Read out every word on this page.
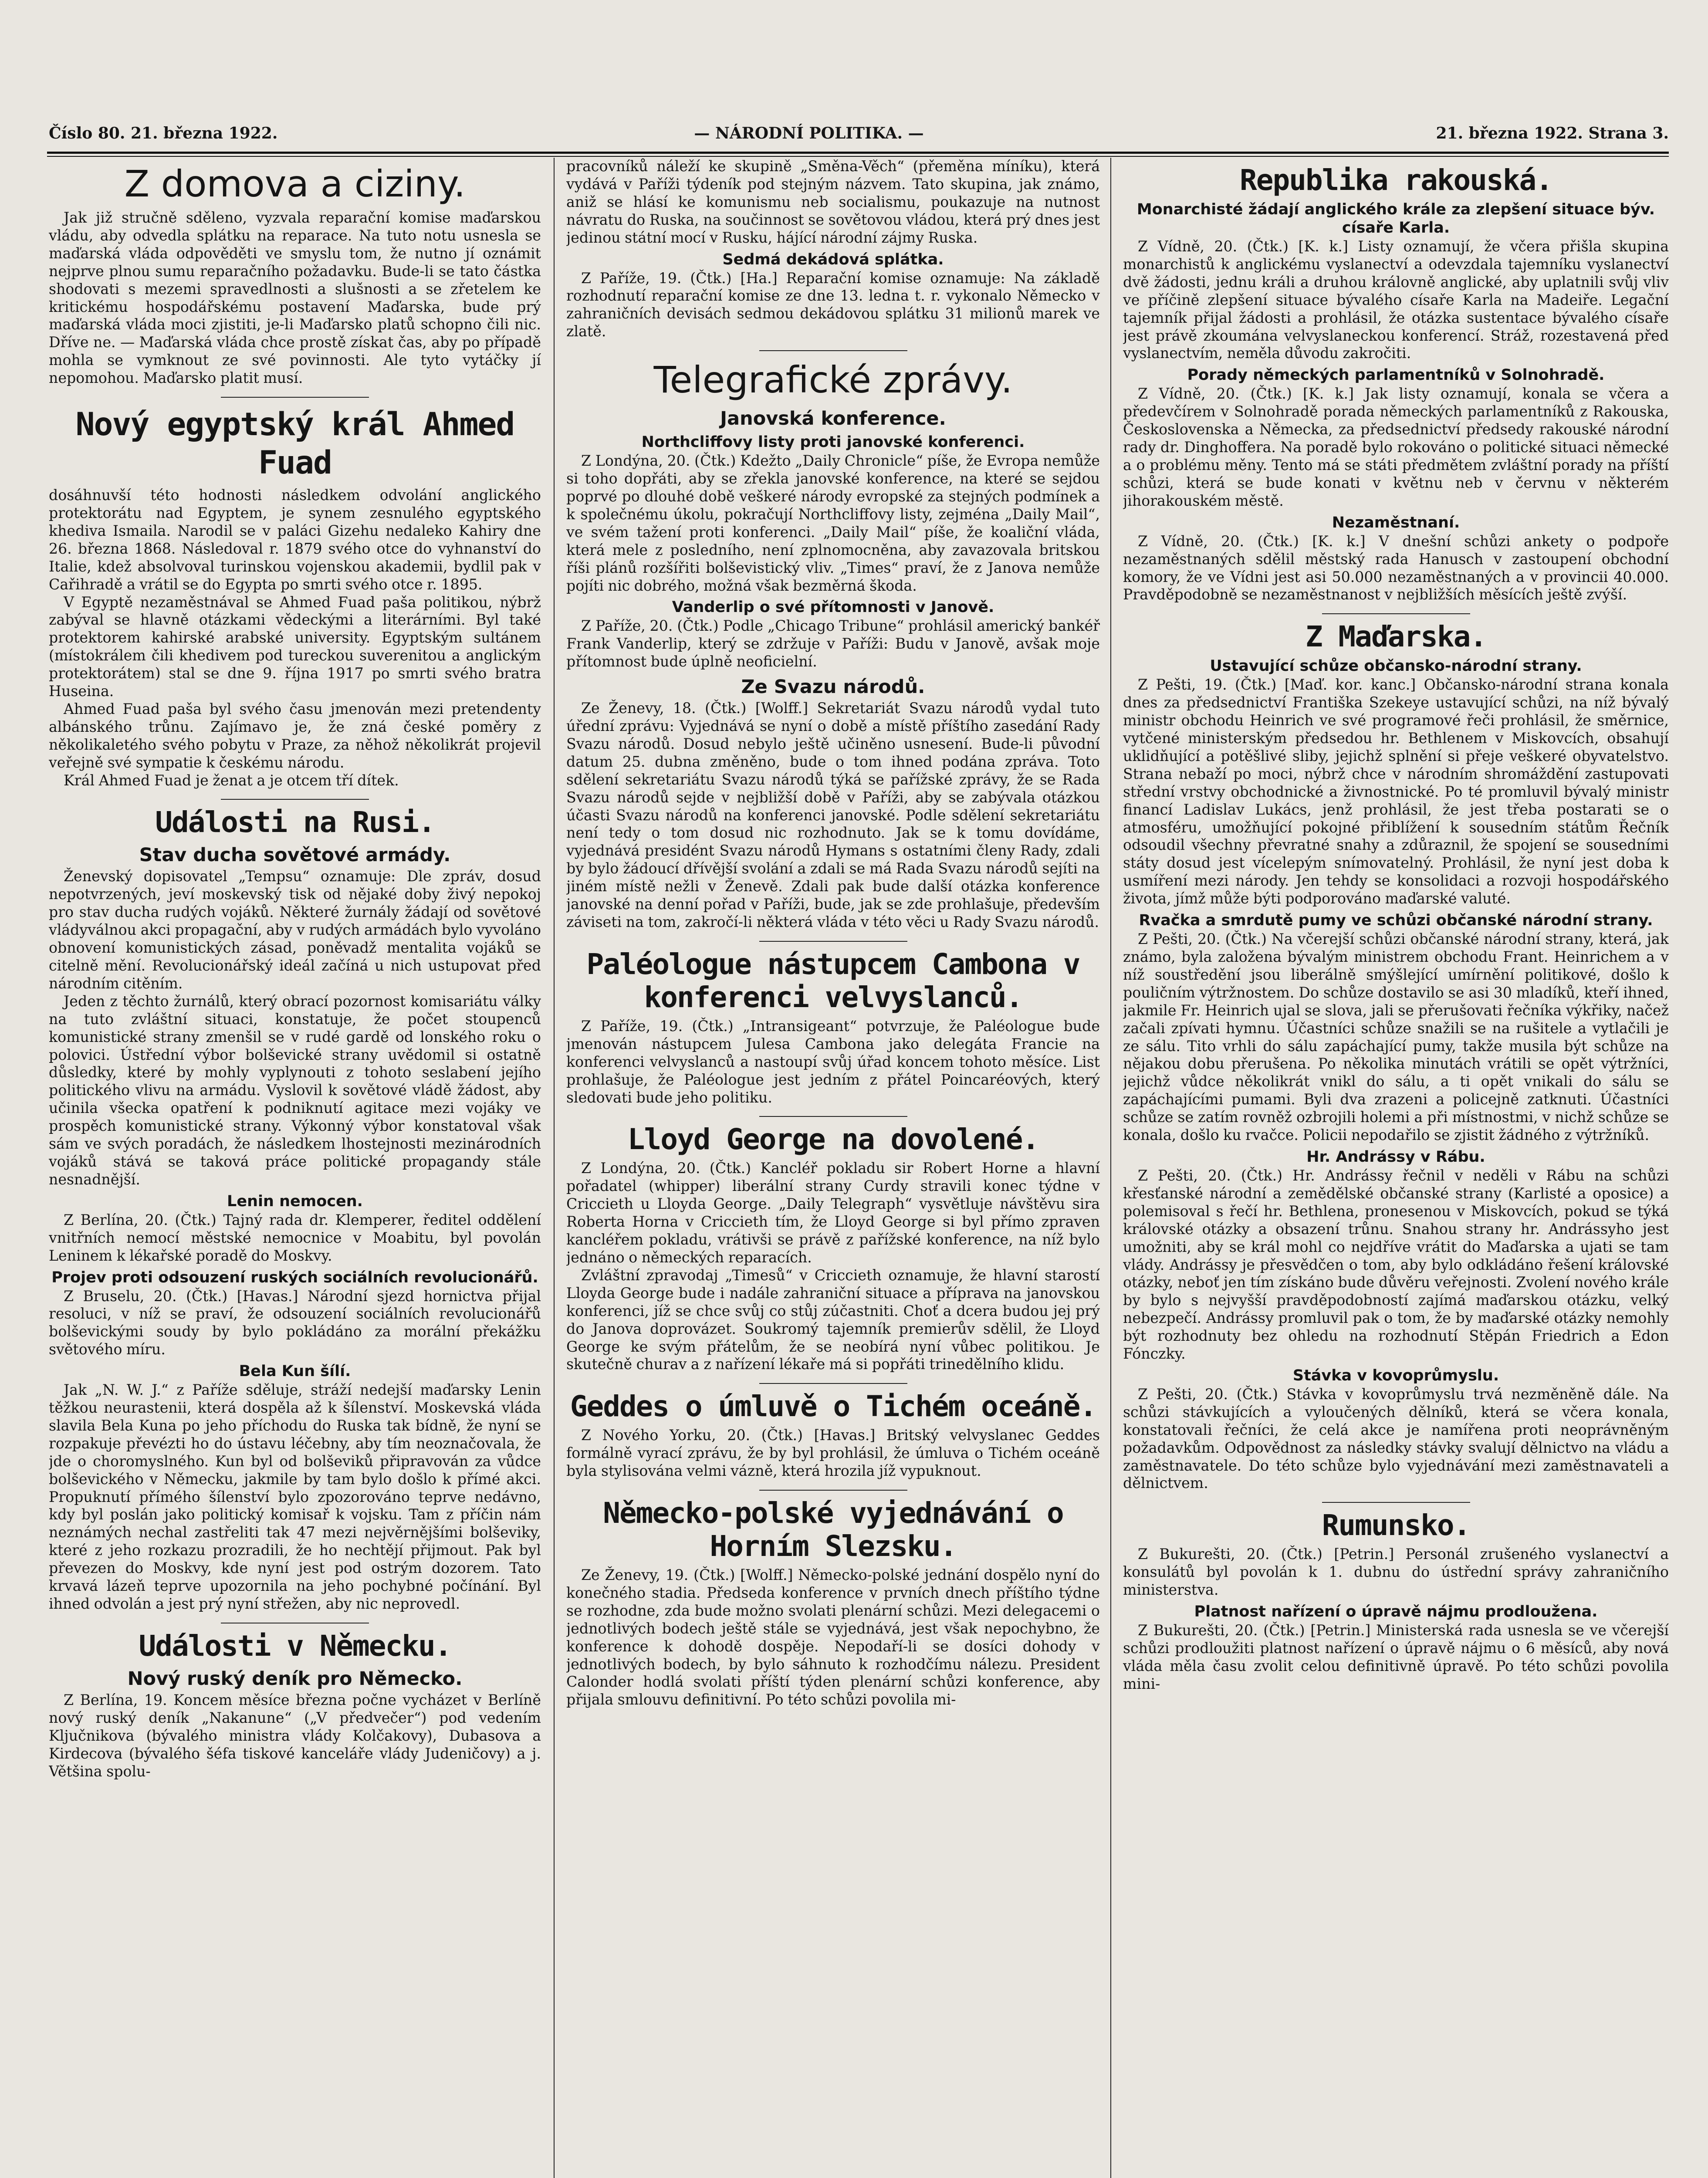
Číslo 80. 21. března 1922.	— NÁRODNÍ POLITIKA. —	21. března 1922. Strana 3.
Z domova a ciziny.

Jak již stručně sděleno, vyzvala reparační komise maďarskou vládu, aby odvedla splátku na reparace. Na tuto notu usnesla se maďarská vláda odpověděti ve smyslu tom, že nutno jí oznámit nejprve plnou sumu reparačního požadavku. Bude-li se tato částka shodovati s mezemi spravedlnosti a slušnosti a se zřetelem ke kritickému hospodářskému postavení Maďarska, bude prý maďarská vláda moci zjistiti, je-li Maďarsko platů schopno čili nic. Dříve ne. — Maďarská vláda chce prostě získat čas, aby po případě mohla se vymknout ze své povinnosti. Ale tyto vytáčky jí nepomohou. Maďarsko platit musí.

Nový egyptský král Ahmed Fuad

dosáhnuvší této hodnosti následkem odvolání anglického protektorátu nad Egyptem, je synem zesnulého egyptského khediva Ismaila. Narodil se v paláci Gizehu nedaleko Kahiry dne 26. března 1868. Následoval r. 1879 svého otce do vyhnanství do Italie, kdež absolvoval turinskou vojenskou akademii, bydlil pak v Cařihradě a vrátil se do Egypta po smrti svého otce r. 1895.

V Egyptě nezaměstnával se Ahmed Fuad paša politikou, nýbrž zabýval se hlavně otázkami vědeckými a literárními. Byl také protektorem kahirské arabské university. Egyptským sultánem (místokrálem čili khedivem pod tureckou suverenitou a anglickým protektorátem) stal se dne 9. října 1917 po smrti svého bratra Huseina.

Ahmed Fuad paša byl svého času jmenován mezi pretendenty albánského trůnu. Zajímavo je, že zná české poměry z několikaletého svého pobytu v Praze, za něhož několikrát projevil veřejně své sympatie k českému národu.

Král Ahmed Fuad je ženat a je otcem tří dítek.

Události na Rusi.
Stav ducha sovětové armády.

Ženevský dopisovatel „Tempsu“ oznamuje: Dle zpráv, dosud nepotvrzených, jeví moskevský tisk od nějaké doby živý nepokoj pro stav ducha rudých vojáků. Některé žurnály žádají od sovětové vládyválnou akci propagační, aby v rudých armádách bylo vyvoláno obnovení komunistických zásad, poněvadž mentalita vojáků se citelně mění. Revolucionářský ideál začíná u nich ustupovat před národním citěním.

Jeden z těchto žurnálů, který obrací pozornost komisariátu války na tuto zvláštní situaci, konstatuje, že počet stoupenců komunistické strany zmenšil se v rudé gardě od lonského roku o polovici. Ústřední výbor bolševické strany uvědomil si ostatně důsledky, které by mohly vyplynouti z tohoto seslabení jejího politického vlivu na armádu. Vyslovil k sovětové vládě žádost, aby učinila všecka opatření k podniknutí agitace mezi vojáky ve prospěch komunistické strany. Výkonný výbor konstatoval však sám ve svých poradách, že následkem lhostejnosti mezinárodních vojáků stává se taková práce politické propagandy stále nesnadnější.

Lenin nemocen.

Z Berlína, 20. (Čtk.) Tajný rada dr. Klemperer, ředitel oddělení vnitřních nemocí městské nemocnice v Moabitu, byl povolán Leninem k lékařské poradě do Moskvy.

Projev proti odsouzení ruských sociálních revolucionářů.

Z Bruselu, 20. (Čtk.) [Havas.] Národní sjezd hornictva přijal resoluci, v níž se praví, že odsouzení sociálních revolucionářů bolševickými soudy by bylo pokládáno za morální překážku světového míru.

Bela Kun šílí.

Jak „N. W. J.“ z Paříže sděluje, stráží nedejší maďarsky Lenin těžkou neurastenii, která dospěla až k šílenství. Moskevská vláda slavila Bela Kuna po jeho příchodu do Ruska tak bídně, že nyní se rozpakuje převézti ho do ústavu léčebny, aby tím neoznačovala, že jde o choromyslného. Kun byl od bolševiků připravován za vůdce bolševického v Německu, jakmile by tam bylo došlo k přímé akci. Propuknutí přímého šílenství bylo zpozorováno teprve nedávno, kdy byl poslán jako politický komisař k vojsku. Tam z příčin nám neznámých nechal zastřeliti tak 47 mezi nejvěrnějšími bolševiky, které z jeho rozkazu prozradili, že ho nechtějí přijmout. Pak byl převezen do Moskvy, kde nyní jest pod ostrým dozorem. Tato krvavá lázeň teprve upozornila na jeho pochybné počínání. Byl ihned odvolán a jest prý nyní střežen, aby nic neprovedl.

Události v Německu.
Nový ruský deník pro Německo.

Z Berlína, 19. Koncem měsíce března počne vycházet v Berlíně nový ruský deník „Nakanune“ („V předvečer“) pod vedením Ključnikova (bývalého ministra vlády Kolčakovy), Dubasova a Kirdecova (bývalého šéfa tiskové kanceláře vlády Judeničovy) a j. Většina spolu-

pracovníků náleží ke skupině „Směna-Věch“ (přeměna míníku), která vydává v Paříži týdeník pod stejným názvem. Tato skupina, jak známo, aniž se hlásí ke komunismu neb socialismu, poukazuje na nutnost návratu do Ruska, na součinnost se sovětovou vládou, která prý dnes jest jedinou státní mocí v Rusku, hájící národní zájmy Ruska.

Sedmá dekádová splátka.

Z Paříže, 19. (Čtk.) [Ha.] Reparační komise oznamuje: Na základě rozhodnutí reparační komise ze dne 13. ledna t. r. vykonalo Německo v zahraničních devisách sedmou dekádovou splátku 31 milionů marek ve zlatě.

Telegrafické zprávy.
Janovská konference.
Northcliffovy listy proti janovské konferenci.

Z Londýna, 20. (Čtk.) Kdežto „Daily Chronicle“ píše, že Evropa nemůže si toho dopřáti, aby se zřekla janovské konference, na které se sejdou poprvé po dlouhé době veškeré národy evropské za stejných podmínek a k společnému úkolu, pokračují Northcliffovy listy, zejména „Daily Mail“, ve svém tažení proti konferenci. „Daily Mail“ píše, že koaliční vláda, která mele z posledního, není zplnomocněna, aby zavazovala britskou říši plánů rozšířiti bolševistický vliv. „Times“ praví, že z Janova nemůže pojíti nic dobrého, možná však bezměrná škoda.

Vanderlip o své přítomnosti v Janově.

Z Paříže, 20. (Čtk.) Podle „Chicago Tribune“ prohlásil americký bankéř Frank Vanderlip, který se zdržuje v Paříži: Budu v Janově, avšak moje přítomnost bude úplně neoficielní.

Ze Svazu národů.

Ze Ženevy, 18. (Čtk.) [Wolff.] Sekretariát Svazu národů vydal tuto úřední zprávu: Vyjednává se nyní o době a místě příštího zasedání Rady Svazu národů. Dosud nebylo ještě učiněno usnesení. Bude-li původní datum 25. dubna změněno, bude o tom ihned podána zpráva. Toto sdělení sekretariátu Svazu národů týká se pařížské zprávy, že se Rada Svazu národů sejde v nejbližší době v Paříži, aby se zabývala otázkou účasti Svazu národů na konferenci janovské. Podle sdělení sekretariátu není tedy o tom dosud nic rozhodnuto. Jak se k tomu dovídáme, vyjednává presidént Svazu národů Hymans s ostatními členy Rady, zdali by bylo žádoucí dřívější svolání a zdali se má Rada Svazu národů sejíti na jiném místě nežli v Ženevě. Zdali pak bude další otázka konference janovské na denní pořad v Paříži, bude, jak se zde prohlašuje, především záviseti na tom, zakročí-li některá vláda v této věci u Rady Svazu národů.

Paléologue nástupcem Cambona v konferenci velvyslanců.

Z Paříže, 19. (Čtk.) „Intransigeant“ potvrzuje, že Paléologue bude jmenován nástupcem Julesa Cambona jako delegáta Francie na konferenci velvyslanců a nastoupí svůj úřad koncem tohoto měsíce. List prohlašuje, že Paléologue jest jedním z přátel Poincaréových, který sledovati bude jeho politiku.

Lloyd George na dovolené.

Z Londýna, 20. (Čtk.) Kancléř pokladu sir Robert Horne a hlavní pořadatel (whipper) liberální strany Curdy stravili konec týdne v Criccieth u Lloyda George. „Daily Telegraph“ vysvětluje návštěvu sira Roberta Horna v Criccieth tím, že Lloyd George si byl přímo zpraven kancléřem pokladu, vrátivši se právě z pařížské konference, na níž bylo jednáno o německých reparacích.

Zvláštní zpravodaj „Timesů“ v Criccieth oznamuje, že hlavní starostí Lloyda George bude i nadále zahraniční situace a příprava na janovskou konferenci, jíž se chce svůj co stůj zúčastniti. Choť a dcera budou jej prý do Janova doprovázet. Soukromý tajemník premierův sdělil, že Lloyd George ke svým přátelům, že se neobírá nyní vůbec politikou. Je skutečně churav a z nařízení lékaře má si popřáti trinedělního klidu.

Geddes o úmluvě o Tichém oceáně.

Z Nového Yorku, 20. (Čtk.) [Havas.] Britský velvyslanec Geddes formálně vyrací zprávu, že by byl prohlásil, že úmluva o Tichém oceáně byla stylisována velmi vázně, která hrozila jíž vypuknout.

Německo-polské vyjednávání o Horním Slezsku.

Ze Ženevy, 19. (Čtk.) [Wolff.] Německo-polské jednání dospělo nyní do konečného stadia. Předseda konference v prvních dnech příštího týdne se rozhodne, zda bude možno svolati plenární schůzi. Mezi delegacemi o jednotlivých bodech ještě stále se vyjednává, jest však nepochybno, že konference k dohodě dospěje. Nepodaří-li se dosíci dohody v jednotlivých bodech, by bylo sáhnuto k rozhodčímu nálezu. President Calonder hodlá svolati příští týden plenární schůzi konference, aby přijala smlouvu definitivní. Po této schůzi povolila mi-

Republika rakouská.
Monarchisté žádají anglického krále za zlepšení situace býv. císaře Karla.

Z Vídně, 20. (Čtk.) [K. k.] Listy oznamují, že včera přišla skupina monarchistů k anglickému vyslanectví a odevzdala tajemníku vyslanectví dvě žádosti, jednu králi a druhou královně anglické, aby uplatnili svůj vliv ve příčině zlepšení situace bývalého císaře Karla na Madeiře. Legační tajemník přijal žádosti a prohlásil, že otázka sustentace bývalého císaře jest právě zkoumána velvyslaneckou konferencí. Stráž, rozestavená před vyslanectvím, neměla důvodu zakročiti.

Porady německých parlamentníků v Solnohradě.

Z Vídně, 20. (Čtk.) [K. k.] Jak listy oznamují, konala se včera a předevčírem v Solnohradě porada německých parlamentníků z Rakouska, Československa a Německa, za předsednictví předsedy rakouské národní rady dr. Dinghoffera. Na poradě bylo rokováno o politické situaci německé a o problému měny. Tento má se státi předmětem zvláštní porady na příští schůzi, která se bude konati v květnu neb v červnu v některém jihorakouském městě.

Nezaměstnaní.

Z Vídně, 20. (Čtk.) [K. k.] V dnešní schůzi ankety o podpoře nezaměstnaných sdělil městský rada Hanusch v zastoupení obchodní komory, že ve Vídni jest asi 50.000 nezaměstnaných a v provincii 40.000. Pravděpodobně se nezaměstnanost v nejbližších měsících ještě zvýší.

Z Maďarska.
Ustavující schůze občansko-národní strany.

Z Pešti, 19. (Čtk.) [Maď. kor. kanc.] Občansko-národní strana konala dnes za předsednictví Františka Szekeye ustavující schůzi, na níž bývalý ministr obchodu Heinrich ve své programové řeči prohlásil, že směrnice, vytčené ministerským předsedou hr. Bethlenem v Miskovcích, obsahují uklidňující a potěšlivé sliby, jejichž splnění si přeje veškeré obyvatelstvo. Strana nebaží po moci, nýbrž chce v národním shromáždění zastupovati střední vrstvy obchodnické a živnostnické. Po té promluvil bývalý ministr financí Ladislav Lukács, jenž prohlásil, že jest třeba postarati se o atmosféru, umožňující pokojné přiblížení k sousedním státům Řečník odsoudil všechny převratné snahy a zdůraznil, že spojení se sousedními státy dosud jest vícelepým snímovatelný. Prohlásil, že nyní jest doba k usmíření mezi národy. Jen tehdy se konsolidaci a rozvoji hospodářského života, jímž může býti podporováno maďarské valuté.

Rvačka a smrdutě pumy ve schůzi občanské národní strany.

Z Pešti, 20. (Čtk.) Na včerejší schůzi občanské národní strany, která, jak známo, byla založena bývalým ministrem obchodu Frant. Heinrichem a v níž soustředění jsou liberálně smýšlející umírnění politikové, došlo k pouličním výtržnostem. Do schůze dostavilo se asi 30 mladíků, kteří ihned, jakmile Fr. Heinrich ujal se slova, jali se přerušovati řečníka výkřiky, načež začali zpívati hymnu. Účastníci schůze snažili se na rušitele a vytlačili je ze sálu. Tito vrhli do sálu zapáchající pumy, takže musila být schůze na nějakou dobu přerušena. Po několika minutách vrátili se opět výtržníci, jejichž vůdce několikrát vnikl do sálu, a ti opět vnikali do sálu se zapáchajícími pumami. Byli dva zrazeni a policejně zatknuti. Účastníci schůze se zatím rovněž ozbrojili holemi a při místnostmi, v nichž schůze se konala, došlo ku rvačce. Policii nepodařilo se zjistit žádného z výtržníků.

Hr. Andrássy v Rábu.

Z Pešti, 20. (Čtk.) Hr. Andrássy řečnil v neděli v Rábu na schůzi křesťanské národní a zemědělské občanské strany (Karlisté a oposice) a polemisoval s řečí hr. Bethlena, pronesenou v Miskovcích, pokud se týká královské otázky a obsazení trůnu. Snahou strany hr. Andrássyho jest umožniti, aby se král mohl co nejdříve vrátit do Maďarska a ujati se tam vlády. Andrássy je přesvědčen o tom, aby bylo odkládáno řešení královské otázky, neboť jen tím získáno bude důvěru veřejnosti. Zvolení nového krále by bylo s nejvyšší pravděpodobností zajímá maďarskou otázku, velký nebezpečí. Andrássy promluvil pak o tom, že by maďarské otázky nemohly být rozhodnuty bez ohledu na rozhodnutí Stěpán Friedrich a Edon Fónczky.

Stávka v kovoprůmyslu.

Z Pešti, 20. (Čtk.) Stávka v kovoprůmyslu trvá nezměněně dále. Na schůzi stávkujících a vyloučených dělníků, která se včera konala, konstatovali řečníci, že celá akce je namířena proti neoprávněným požadavkům. Odpovědnost za následky stávky svalují dělnictvo na vládu a zaměstnavatele. Do této schůze bylo vyjednávání mezi zaměstnavateli a dělnictvem.

Rumunsko.

Z Bukurešti, 20. (Čtk.) [Petrin.] Personál zrušeného vyslanectví a konsulátů byl povolán k 1. dubnu do ústřední správy zahraničního ministerstva.

Platnost nařízení o úpravě nájmu prodloužena.

Z Bukurešti, 20. (Čtk.) [Petrin.] Ministerská rada usnesla se ve včerejší schůzi prodloužiti platnost nařízení o úpravě nájmu o 6 měsíců, aby nová vláda měla času zvolit celou definitivně úpravě. Po této schůzi povolila mini-
